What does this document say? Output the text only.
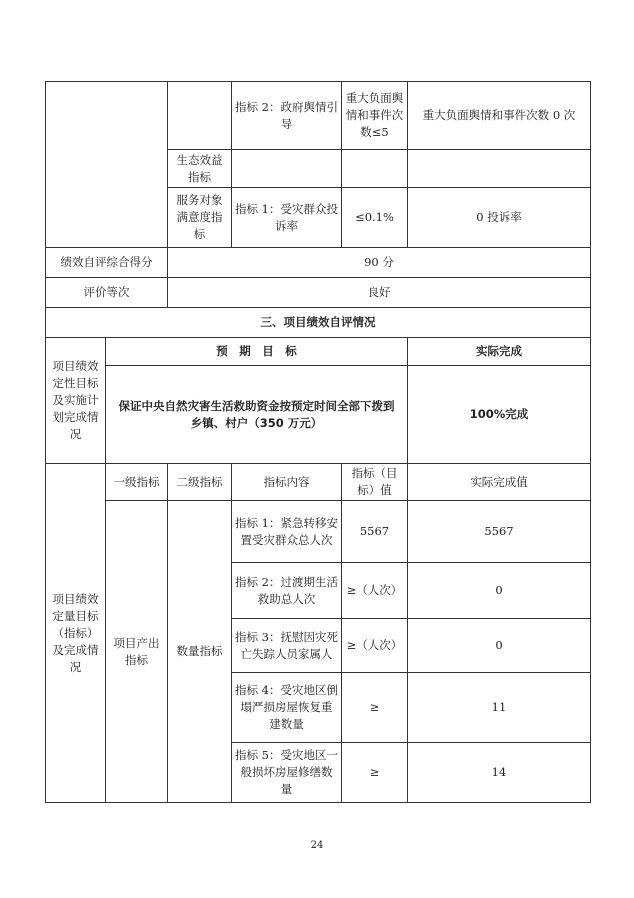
			指标 2：政府舆情引导	重大负面舆情和事件次数≤5	重大负面舆情和事件次数 0 次
		生态效益指标			
		服务对象满意度指标	指标 1：受灾群众投诉率	≤0.1%	0 投诉率
绩效自评综合得分		90 分			
评价等次		良好			
三、项目绩效自评情况					
项目绩效定性目标及实施计划完成情况	预　期　目　标				实际完成
	保证中央自然灾害生活救助资金按预定时间全部下拨到乡镇、村户（350 万元）				100%完成
项目绩效定量目标（指标）及完成情况	一级指标	二级指标	指标内容	指标（目标）值	实际完成值
	项目产出指标	数量指标	指标 1：紧急转移安置受灾群众总人次	5567	5567
			指标 2：过渡期生活救助总人次	≥（人次）	0
			指标 3：抚慰因灾死亡失踪人员家属人	≥（人次）	0
			指标 4：受灾地区倒塌严损房屋恢复重建数量	≥	11
			指标 5：受灾地区一般损坏房屋修缮数量	≥	14
24
